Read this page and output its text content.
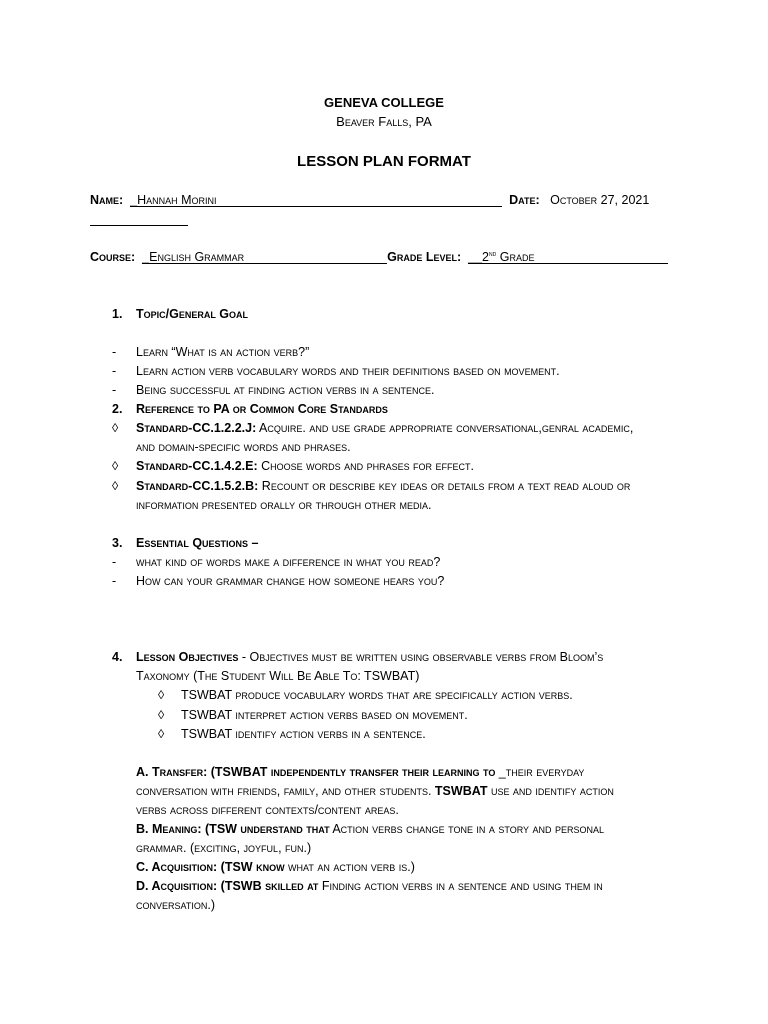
GENEVA COLLEGE
Beaver Falls, PA
LESSON PLAN FORMAT
Name: _Hannah Morini	Date: October 27, 2021
Course: _English Grammar	Grade Level: __2nd Grade
1. Topic/General Goal
- Learn “What is an action verb?”
- Learn action verb vocabulary words and their definitions based on movement.
- Being successful at finding action verbs in a sentence.
2. Reference to PA or Common Core Standards
◊ Standard-CC.1.2.2.J: Acquire. and use grade appropriate conversational,genral academic,
and domain-specific words and phrases.
◊ Standard-CC.1.4.2.E: Choose words and phrases for effect.
◊ Standard-CC.1.5.2.B: Recount or describe key ideas or details from a text read aloud or
information presented orally or through other media.
3. Essential Questions –
- what kind of words make a difference in what you read?
- How can your grammar change how someone hears you?
4. Lesson Objectives - Objectives must be written using observable verbs from Bloom’s
Taxonomy (The Student Will Be Able To: TSWBAT)
◊ TSWBAT produce vocabulary words that are specifically action verbs.
◊ TSWBAT interpret action verbs based on movement.
◊ TSWBAT identify action verbs in a sentence.
A. Transfer: (TSWBAT independently transfer their learning to _their everyday
conversation with friends, family, and other students. TSWBAT use and identify action
verbs across different contexts/content areas.
B. Meaning: (TSW understand that Action verbs change tone in a story and personal
grammar. (exciting, joyful, fun.)
C. Acquisition: (TSW know what an action verb is.)
D. Acquisition: (TSWB skilled at Finding action verbs in a sentence and using them in
conversation.)
